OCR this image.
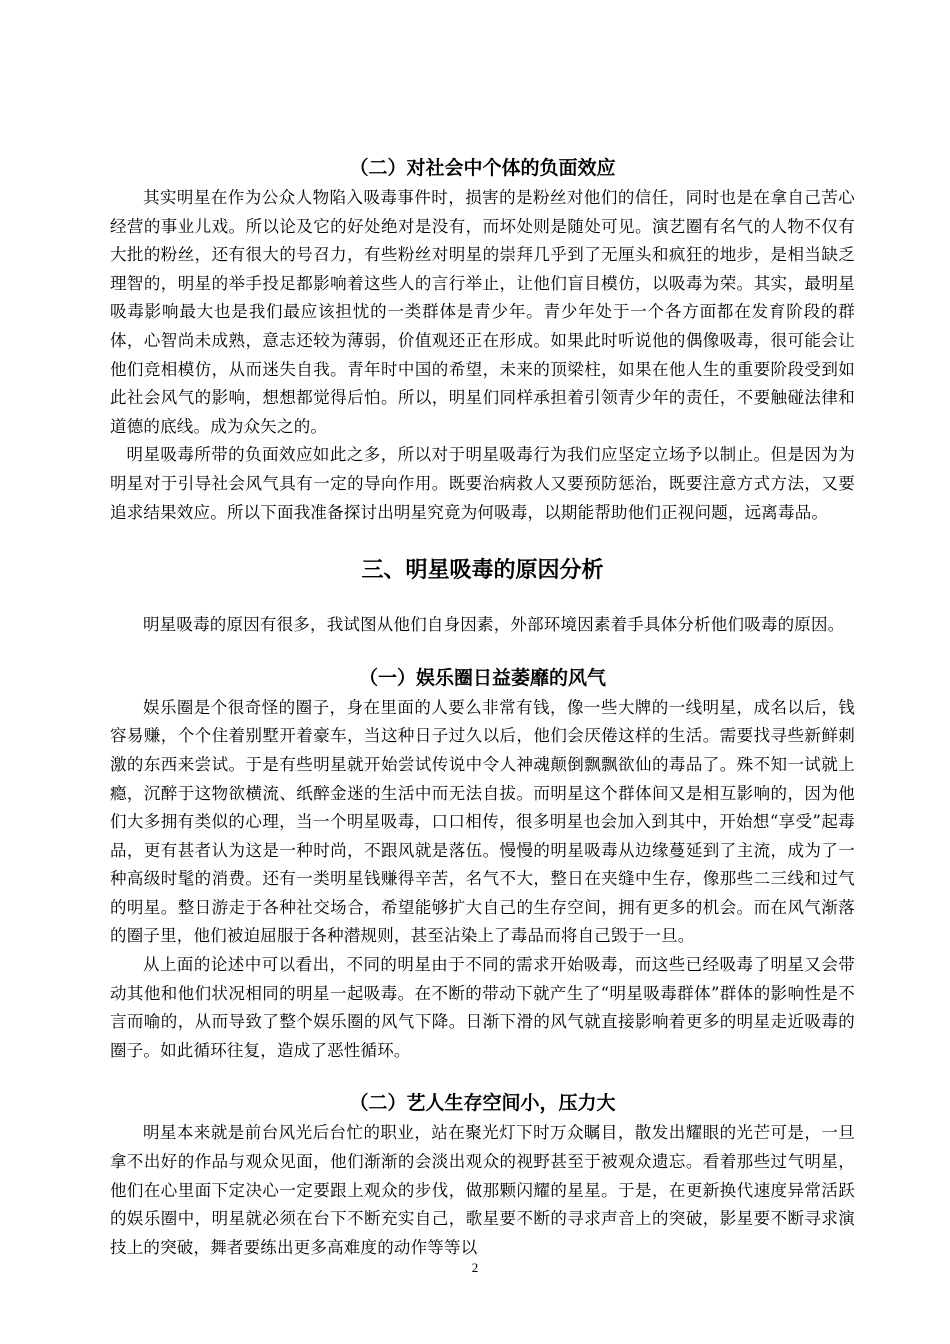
（二）对社会中个体的负面效应

其实明星在作为公众人物陷入吸毒事件时，损害的是粉丝对他们的信任，同时也是在拿自己苦心经营的事业儿戏。所以论及它的好处绝对是没有，而坏处则是随处可见。演艺圈有名气的人物不仅有大批的粉丝，还有很大的号召力，有些粉丝对明星的崇拜几乎到了无厘头和疯狂的地步，是相当缺乏理智的，明星的举手投足都影响着这些人的言行举止，让他们盲目模仿，以吸毒为荣。其实，最明星吸毒影响最大也是我们最应该担忧的一类群体是青少年。青少年处于一个各方面都在发育阶段的群体，心智尚未成熟，意志还较为薄弱，价值观还正在形成。如果此时听说他的偶像吸毒，很可能会让他们竞相模仿，从而迷失自我。青年时中国的希望，未来的顶梁柱，如果在他人生的重要阶段受到如此社会风气的影响，想想都觉得后怕。所以，明星们同样承担着引领青少年的责任，不要触碰法律和道德的底线。成为众矢之的。

明星吸毒所带的负面效应如此之多，所以对于明星吸毒行为我们应坚定立场予以制止。但是因为为明星对于引导社会风气具有一定的导向作用。既要治病救人又要预防惩治，既要注意方式方法，又要追求结果效应。所以下面我准备探讨出明星究竟为何吸毒，以期能帮助他们正视问题，远离毒品。

三、明星吸毒的原因分析

明星吸毒的原因有很多，我试图从他们自身因素，外部环境因素着手具体分析他们吸毒的原因。

（一）娱乐圈日益萎靡的风气

娱乐圈是个很奇怪的圈子，身在里面的人要么非常有钱，像一些大牌的一线明星，成名以后，钱容易赚，个个住着别墅开着豪车，当这种日子过久以后，他们会厌倦这样的生活。需要找寻些新鲜刺激的东西来尝试。于是有些明星就开始尝试传说中令人神魂颠倒飘飘欲仙的毒品了。殊不知一试就上瘾，沉醉于这物欲横流、纸醉金迷的生活中而无法自拔。而明星这个群体间又是相互影响的，因为他们大多拥有类似的心理，当一个明星吸毒，口口相传，很多明星也会加入到其中，开始想“享受”起毒品，更有甚者认为这是一种时尚，不跟风就是落伍。慢慢的明星吸毒从边缘蔓延到了主流，成为了一种高级时髦的消费。还有一类明星钱赚得辛苦，名气不大，整日在夹缝中生存，像那些二三线和过气的明星。整日游走于各种社交场合，希望能够扩大自己的生存空间，拥有更多的机会。而在风气渐落的圈子里，他们被迫屈服于各种潜规则，甚至沾染上了毒品而将自己毁于一旦。

从上面的论述中可以看出，不同的明星由于不同的需求开始吸毒，而这些已经吸毒了明星又会带动其他和他们状况相同的明星一起吸毒。在不断的带动下就产生了“明星吸毒群体”群体的影响性是不言而喻的，从而导致了整个娱乐圈的风气下降。日渐下滑的风气就直接影响着更多的明星走近吸毒的圈子。如此循环往复，造成了恶性循环。

（二）艺人生存空间小，压力大

明星本来就是前台风光后台忙的职业，站在聚光灯下时万众瞩目，散发出耀眼的光芒可是，一旦拿不出好的作品与观众见面，他们渐渐的会淡出观众的视野甚至于被观众遗忘。看着那些过气明星，他们在心里面下定决心一定要跟上观众的步伐，做那颗闪耀的星星。于是，在更新换代速度异常活跃的娱乐圈中，明星就必须在台下不断充实自己，歌星要不断的寻求声音上的突破，影星要不断寻求演技上的突破，舞者要练出更多高难度的动作等等以

2
